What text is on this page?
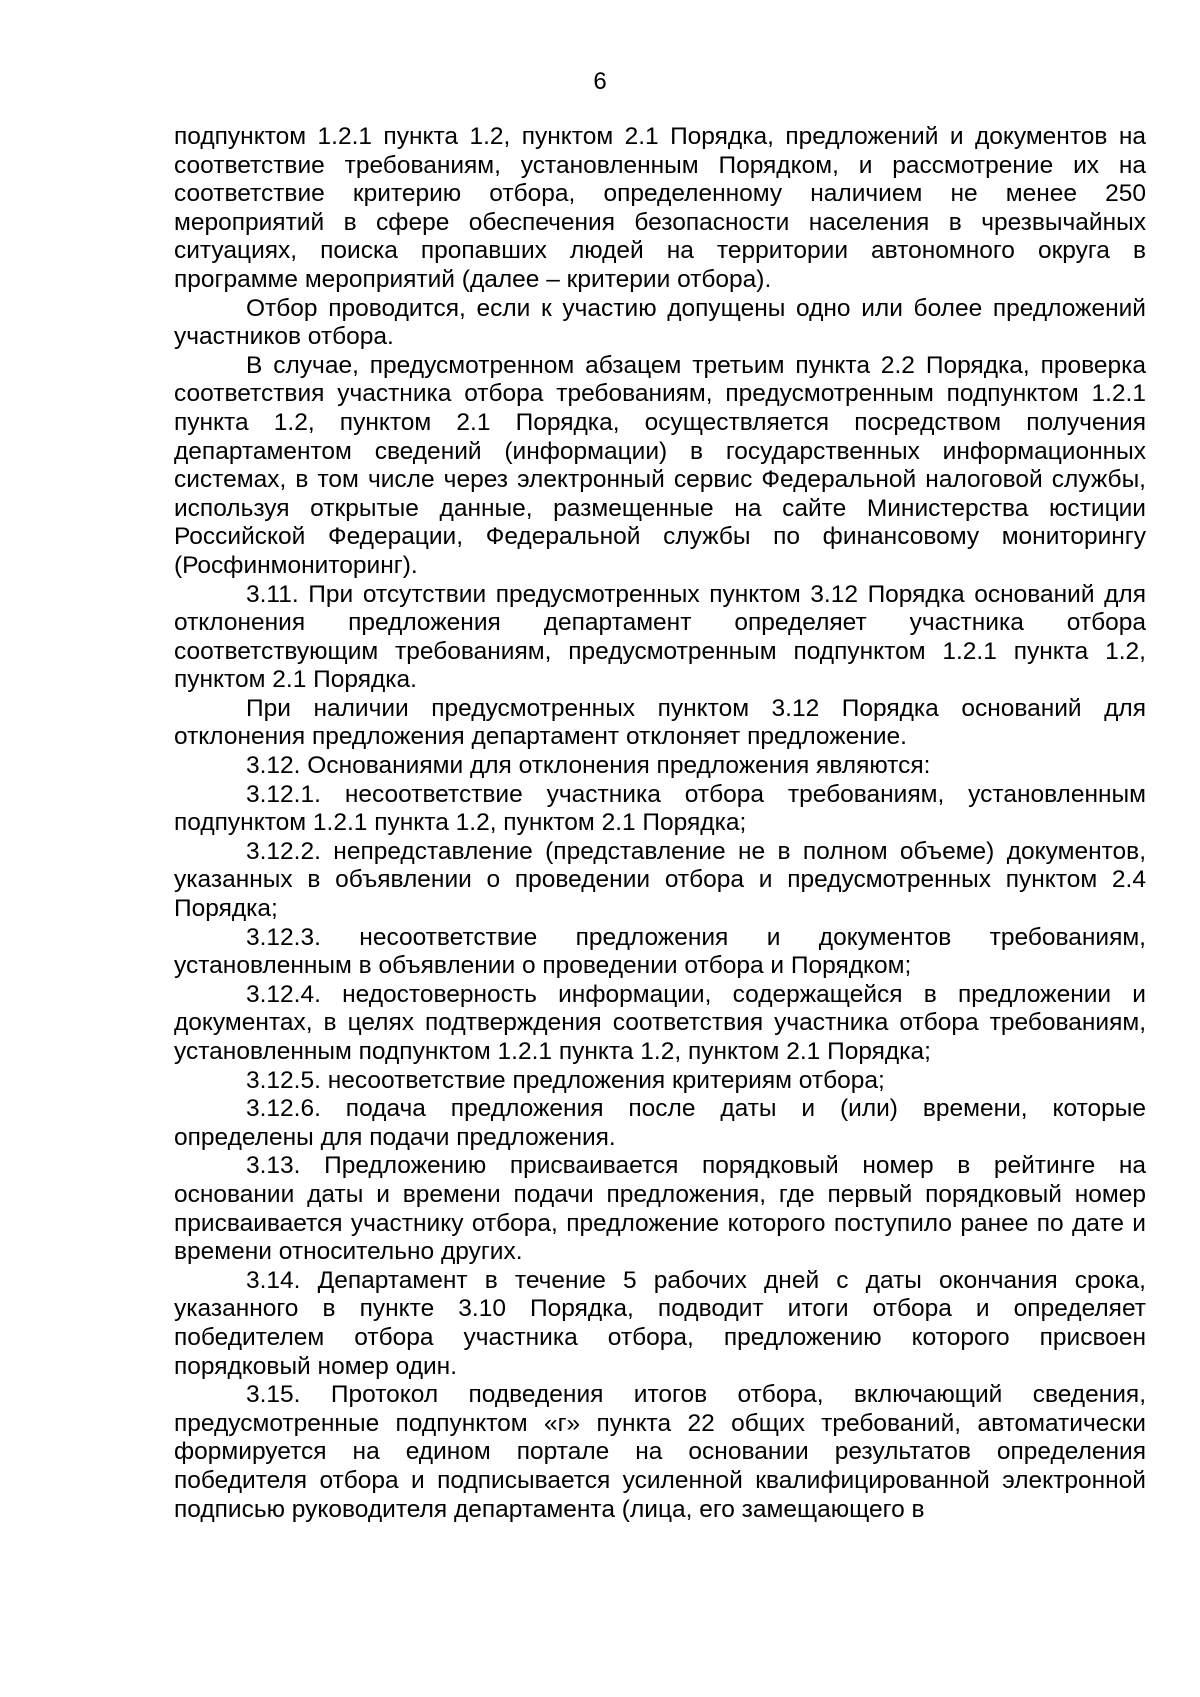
6

подпунктом 1.2.1 пункта 1.2, пунктом 2.1 Порядка, предложений и документов на соответствие требованиям, установленным Порядком, и рассмотрение их на соответствие критерию отбора, определенному наличием не менее 250 мероприятий в сфере обеспечения безопасности населения в чрезвычайных ситуациях, поиска пропавших людей на территории автономного округа в программе мероприятий (далее – критерии отбора).

Отбор проводится, если к участию допущены одно или более предложений участников отбора.

В случае, предусмотренном абзацем третьим пункта 2.2 Порядка, проверка соответствия участника отбора требованиям, предусмотренным подпунктом 1.2.1 пункта 1.2, пунктом 2.1 Порядка, осуществляется посредством получения департаментом сведений (информации) в государственных информационных системах, в том числе через электронный сервис Федеральной налоговой службы, используя открытые данные, размещенные на сайте Министерства юстиции Российской Федерации, Федеральной службы по финансовому мониторингу (Росфинмониторинг).

3.11. При отсутствии предусмотренных пунктом 3.12 Порядка оснований для отклонения предложения департамент определяет участника отбора соответствующим требованиям, предусмотренным подпунктом 1.2.1 пункта 1.2, пунктом 2.1 Порядка.

При наличии предусмотренных пунктом 3.12 Порядка оснований для отклонения предложения департамент отклоняет предложение.

3.12. Основаниями для отклонения предложения являются:

3.12.1. несоответствие участника отбора требованиям, установленным подпунктом 1.2.1 пункта 1.2, пунктом 2.1 Порядка;

3.12.2. непредставление (представление не в полном объеме) документов, указанных в объявлении о проведении отбора и предусмотренных пунктом 2.4 Порядка;

3.12.3. несоответствие предложения и документов требованиям, установленным в объявлении о проведении отбора и Порядком;

3.12.4. недостоверность информации, содержащейся в предложении и документах, в целях подтверждения соответствия участника отбора требованиям, установленным подпунктом 1.2.1 пункта 1.2, пунктом 2.1 Порядка;

3.12.5. несоответствие предложения критериям отбора;

3.12.6. подача предложения после даты и (или) времени, которые определены для подачи предложения.

3.13. Предложению присваивается порядковый номер в рейтинге на основании даты и времени подачи предложения, где первый порядковый номер присваивается участнику отбора, предложение которого поступило ранее по дате и времени относительно других.

3.14. Департамент в течение 5 рабочих дней с даты окончания срока, указанного в пункте 3.10 Порядка, подводит итоги отбора и определяет победителем отбора участника отбора, предложению которого присвоен порядковый номер один.

3.15. Протокол подведения итогов отбора, включающий сведения, предусмотренные подпунктом «г» пункта 22 общих требований, автоматически формируется на едином портале на основании результатов определения победителя отбора и подписывается усиленной квалифицированной электронной подписью руководителя департамента (лица, его замещающего в
